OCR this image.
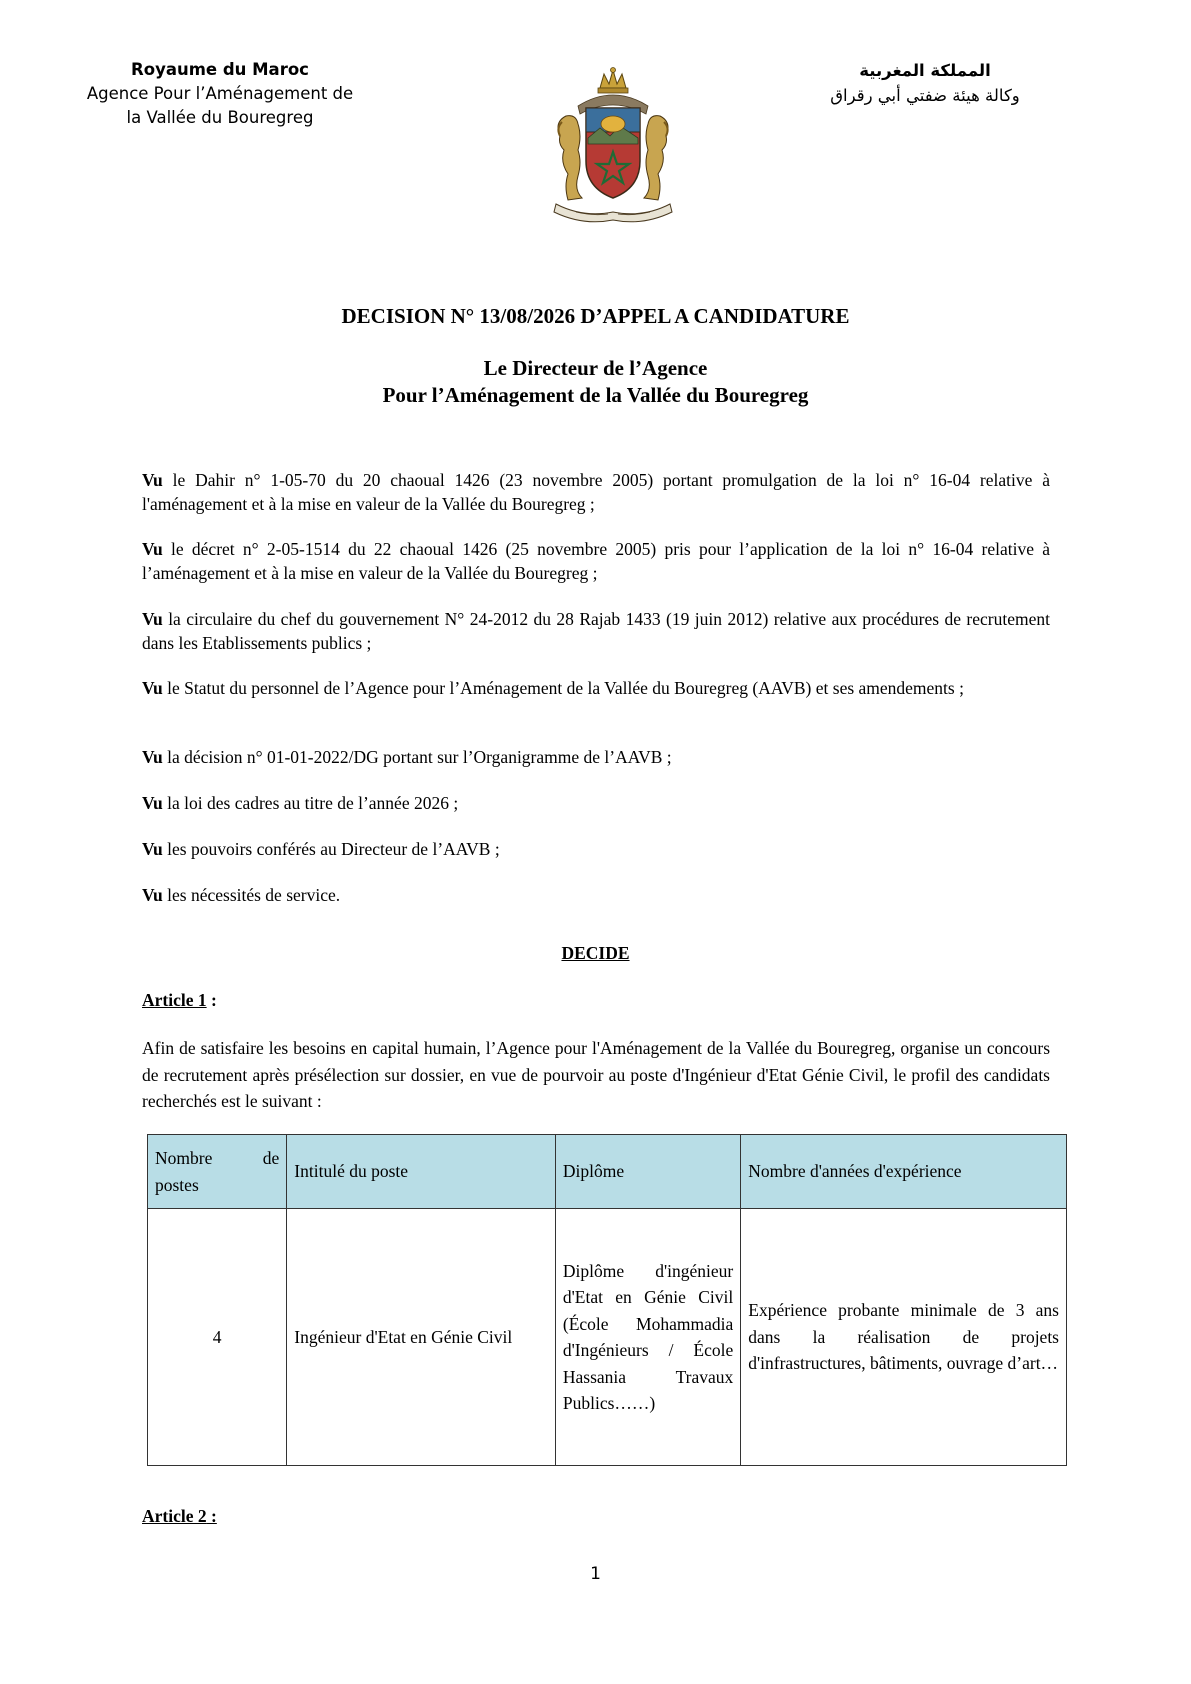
Royaume du Maroc
Agence Pour l’Aménagement de
la Vallée du Bouregreg
المملكة المغربية
وكالة هيئة ضفتي أبي رقراق
DECISION N° 13/08/2026 D’APPEL A CANDIDATURE
Le Directeur de l’Agence
Pour l’Aménagement de la Vallée du Bouregreg

Vu le Dahir n° 1-05-70 du 20 chaoual 1426 (23 novembre 2005) portant promulgation de la loi n° 16-04 relative à l'aménagement et à la mise en valeur de la Vallée du Bouregreg ;

Vu le décret n° 2-05-1514 du 22 chaoual 1426 (25 novembre 2005) pris pour l’application de la loi n° 16-04 relative à l’aménagement et à la mise en valeur de la Vallée du Bouregreg ;

Vu la circulaire du chef du gouvernement N° 24-2012 du 28 Rajab 1433 (19 juin 2012) relative aux procédures de recrutement dans les Etablissements publics ;

Vu le Statut du personnel de l’Agence pour l’Aménagement de la Vallée du Bouregreg (AAVB) et ses amendements ;

Vu la décision n° 01-01-2022/DG portant sur l’Organigramme de l’AAVB ;

Vu la loi des cadres au titre de l’année 2026 ;

Vu les pouvoirs conférés au Directeur de l’AAVB ;

Vu les nécessités de service.

DECIDE
Article 1 :

Afin de satisfaire les besoins en capital humain, l’Agence pour l'Aménagement de la Vallée du Bouregreg, organise un concours de recrutement après présélection sur dossier, en vue de pourvoir au poste d'Ingénieur d'Etat Génie Civil, le profil des candidats recherchés est le suivant :

Nombre de postes	Intitulé du poste	Diplôme	Nombre d'années d'expérience
4	Ingénieur d'Etat en Génie Civil	Diplôme d'ingénieur d'Etat en Génie Civil (École Mohammadia d'Ingénieurs / École Hassania Travaux Publics……)	Expérience probante minimale de 3 ans dans la réalisation de projets d'infrastructures, bâtiments, ouvrage d’art…
Article 2 :
1
